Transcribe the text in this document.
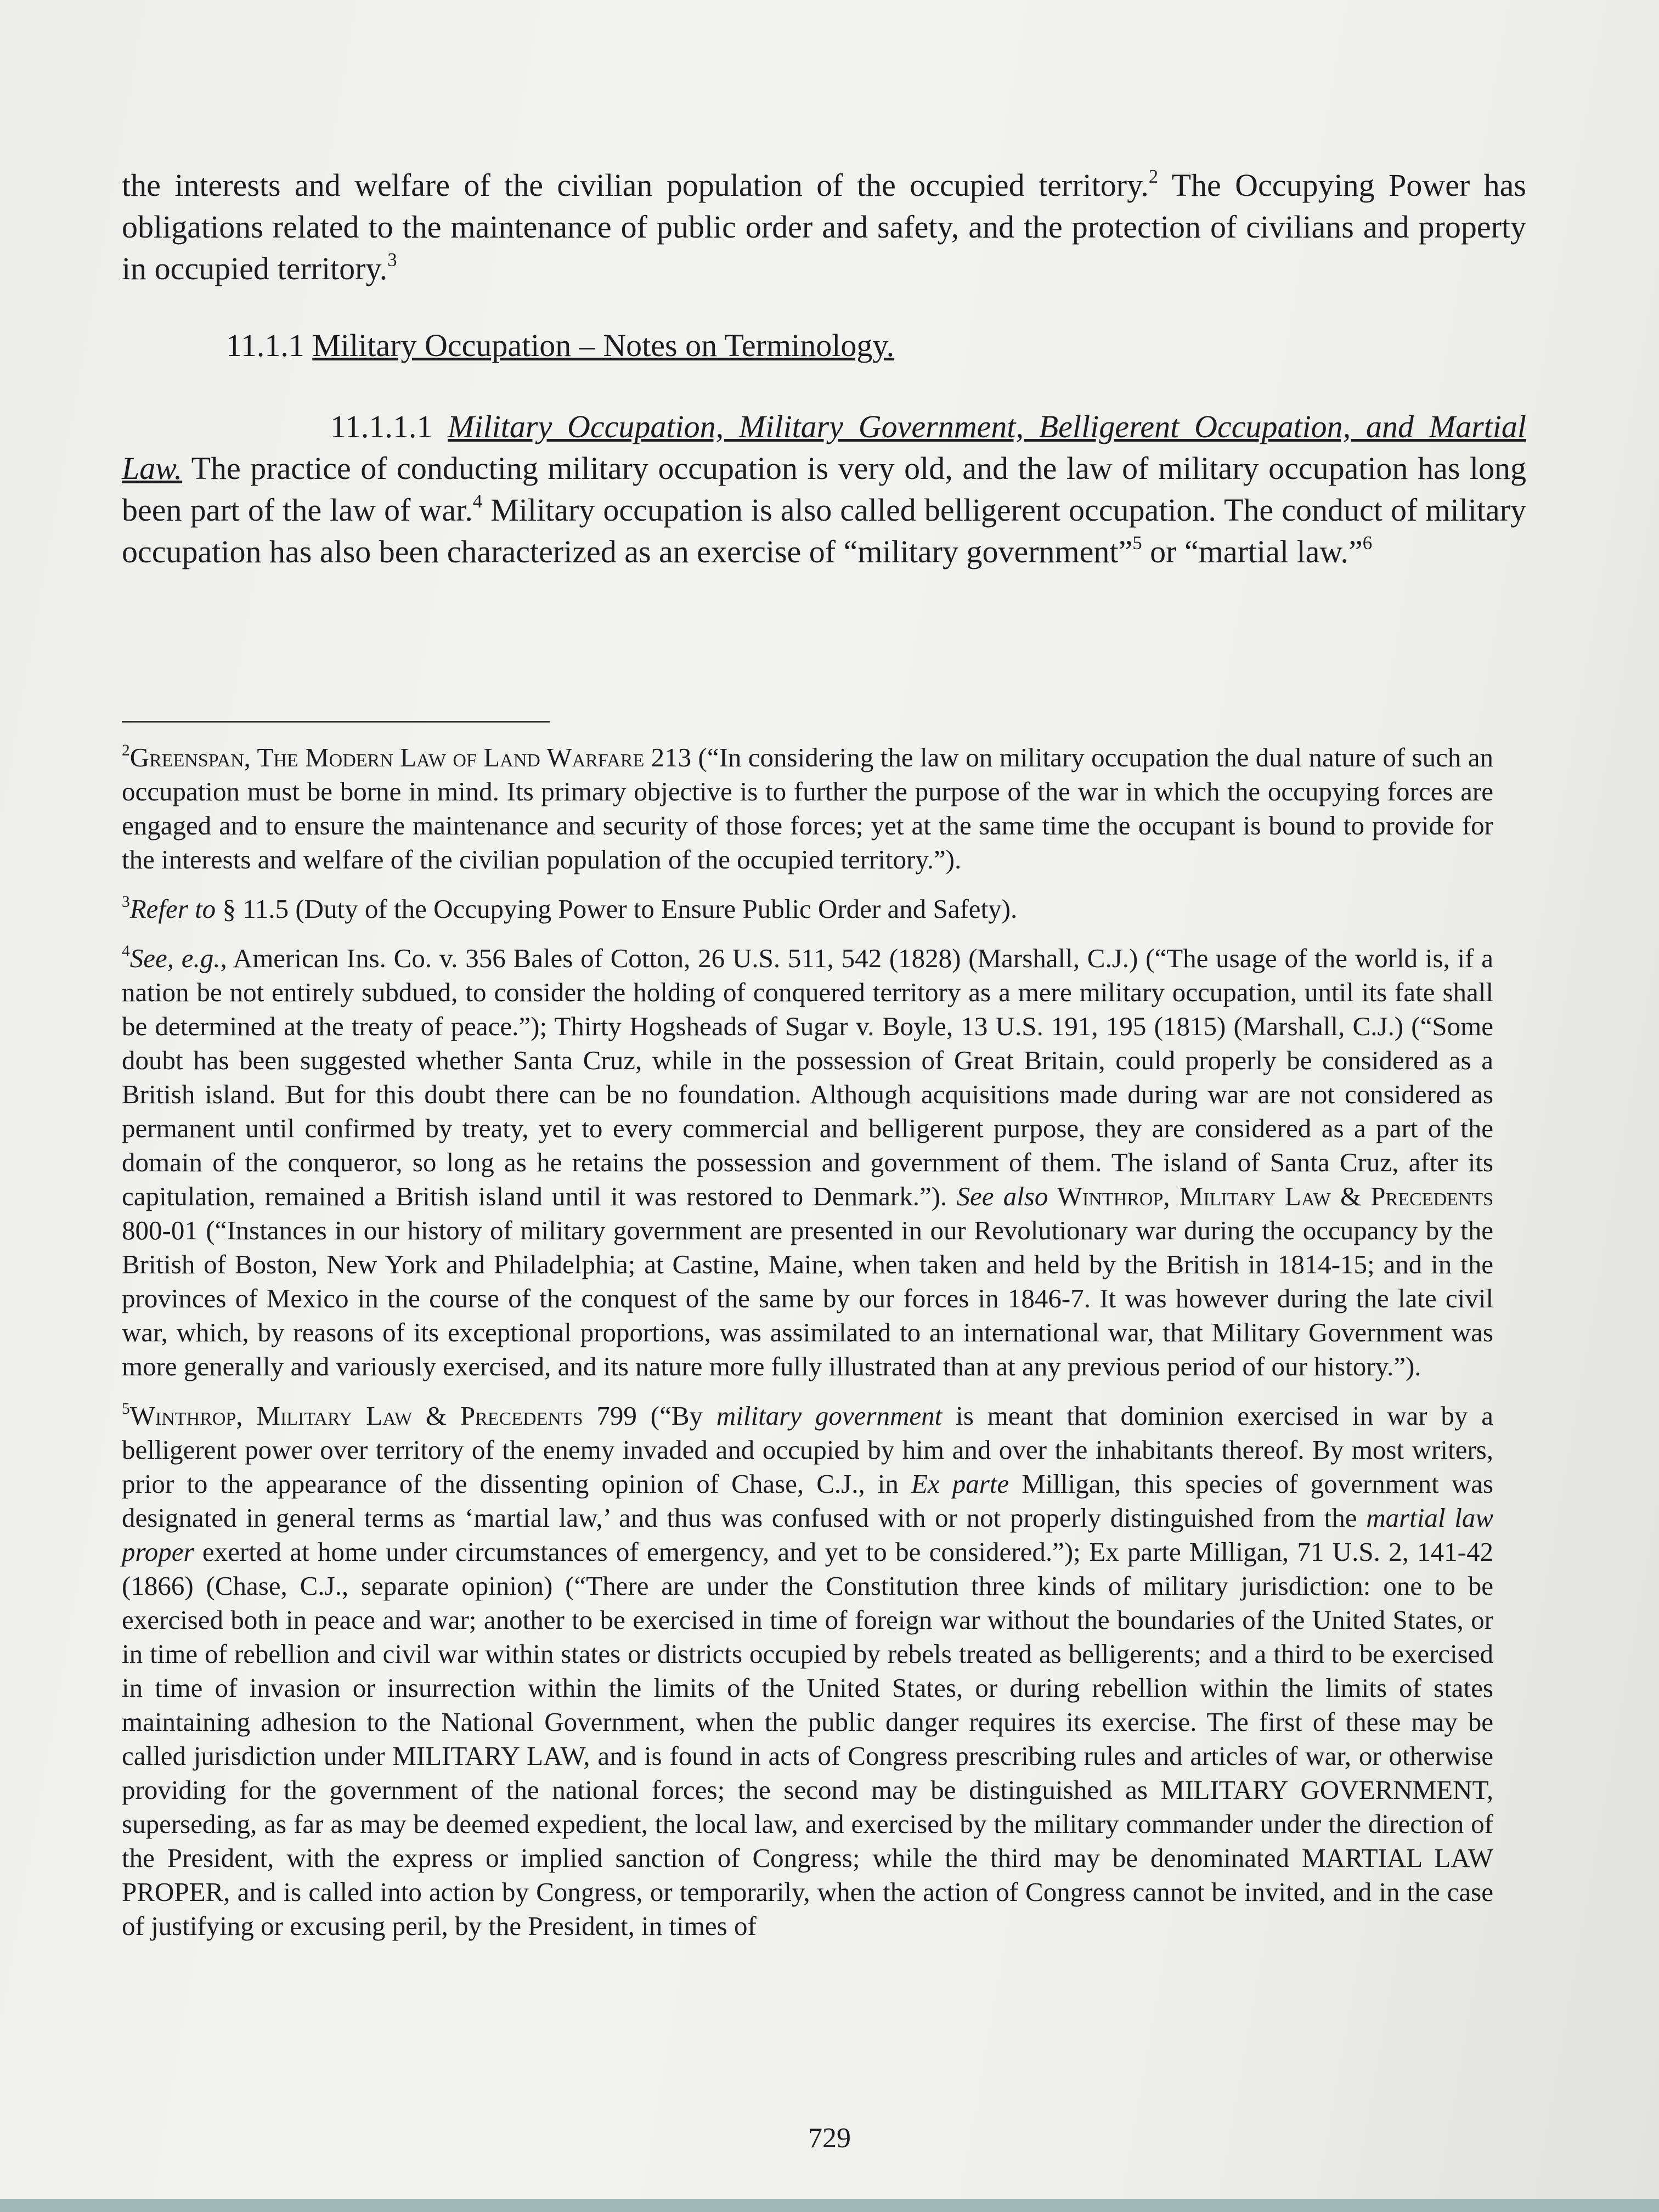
the interests and welfare of the civilian population of the occupied territory.$^2$ The Occupying Power has obligations related to the maintenance of public order and safety, and the protection of civilians and property in occupied territory.$^3$

11.1.1 Military Occupation – Notes on Terminology.

11.1.1.1 Military Occupation, Military Government, Belligerent Occupation, and Martial Law. The practice of conducting military occupation is very old, and the law of military occupation has long been part of the law of war.$^4$ Military occupation is also called belligerent occupation. The conduct of military occupation has also been characterized as an exercise of “military government”$^5$ or “martial law.”$^6$

$^2$Greenspan, The Modern Law of Land Warfare 213 (“In considering the law on military occupation the dual nature of such an occupation must be borne in mind. Its primary objective is to further the purpose of the war in which the occupying forces are engaged and to ensure the maintenance and security of those forces; yet at the same time the occupant is bound to provide for the interests and welfare of the civilian population of the occupied territory.”).

$^3$Refer to § 11.5 (Duty of the Occupying Power to Ensure Public Order and Safety).

$^4$See, e.g., American Ins. Co. v. 356 Bales of Cotton, 26 U.S. 511, 542 (1828) (Marshall, C.J.) (“The usage of the world is, if a nation be not entirely subdued, to consider the holding of conquered territory as a mere military occupation, until its fate shall be determined at the treaty of peace.”); Thirty Hogsheads of Sugar v. Boyle, 13 U.S. 191, 195 (1815) (Marshall, C.J.) (“Some doubt has been suggested whether Santa Cruz, while in the possession of Great Britain, could properly be considered as a British island. But for this doubt there can be no foundation. Although acquisitions made during war are not considered as permanent until confirmed by treaty, yet to every commercial and belligerent purpose, they are considered as a part of the domain of the conqueror, so long as he retains the possession and government of them. The island of Santa Cruz, after its capitulation, remained a British island until it was restored to Denmark.”). See also Winthrop, Military Law & Precedents 800-01 (“Instances in our history of military government are presented in our Revolutionary war during the occupancy by the British of Boston, New York and Philadelphia; at Castine, Maine, when taken and held by the British in 1814-15; and in the provinces of Mexico in the course of the conquest of the same by our forces in 1846-7. It was however during the late civil war, which, by reasons of its exceptional proportions, was assimilated to an international war, that Military Government was more generally and variously exercised, and its nature more fully illustrated than at any previous period of our history.”).

$^5$Winthrop, Military Law & Precedents 799 (“By military government is meant that dominion exercised in war by a belligerent power over territory of the enemy invaded and occupied by him and over the inhabitants thereof. By most writers, prior to the appearance of the dissenting opinion of Chase, C.J., in Ex parte Milligan, this species of government was designated in general terms as ‘martial law,’ and thus was confused with or not properly distinguished from the martial law proper exerted at home under circumstances of emergency, and yet to be considered.”); Ex parte Milligan, 71 U.S. 2, 141-42 (1866) (Chase, C.J., separate opinion) (“There are under the Constitution three kinds of military jurisdiction: one to be exercised both in peace and war; another to be exercised in time of foreign war without the boundaries of the United States, or in time of rebellion and civil war within states or districts occupied by rebels treated as belligerents; and a third to be exercised in time of invasion or insurrection within the limits of the United States, or during rebellion within the limits of states maintaining adhesion to the National Government, when the public danger requires its exercise. The first of these may be called jurisdiction under MILITARY LAW, and is found in acts of Congress prescribing rules and articles of war, or otherwise providing for the government of the national forces; the second may be distinguished as MILITARY GOVERNMENT, superseding, as far as may be deemed expedient, the local law, and exercised by the military commander under the direction of the President, with the express or implied sanction of Congress; while the third may be denominated MARTIAL LAW PROPER, and is called into action by Congress, or temporarily, when the action of Congress cannot be invited, and in the case of justifying or excusing peril, by the President, in times of

729
